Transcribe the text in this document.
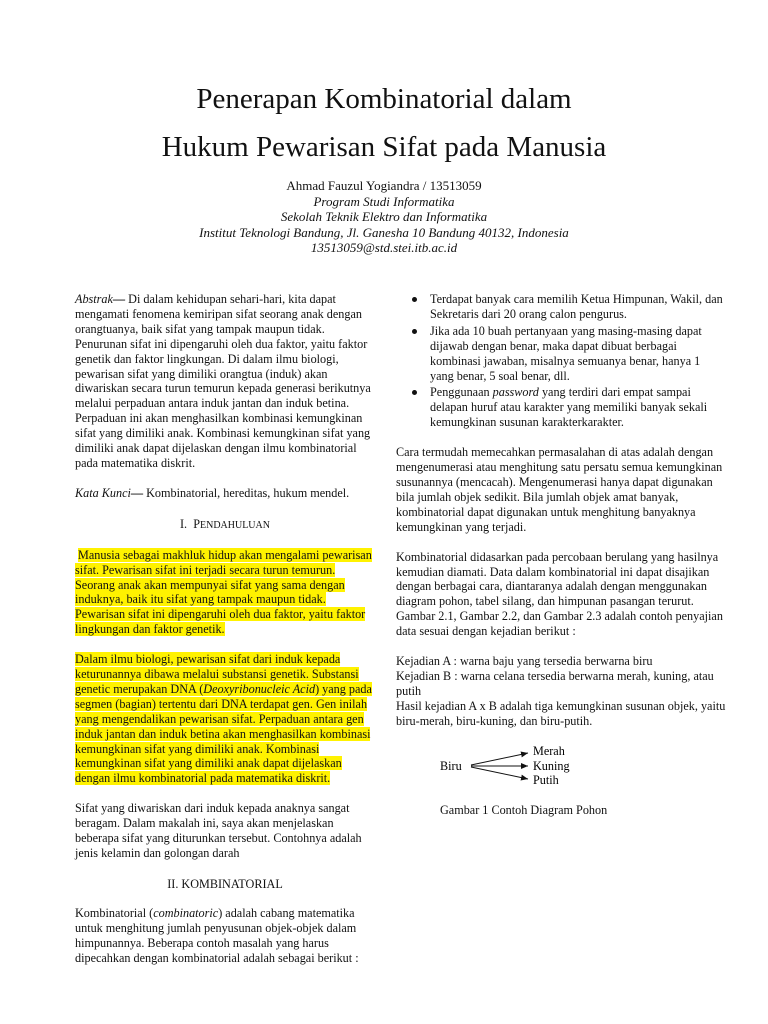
Penerapan Kombinatorial dalam
Hukum Pewarisan Sifat pada Manusia
Ahmad Fauzul Yogiandra / 13513059
Program Studi Informatika
Sekolah Teknik Elektro dan Informatika
Institut Teknologi Bandung, Jl. Ganesha 10 Bandung 40132, Indonesia
13513059@std.stei.itb.ac.id

Abstrak— Di dalam kehidupan sehari-hari, kita dapat mengamati fenomena kemiripan sifat seorang anak dengan orangtuanya, baik sifat yang tampak maupun tidak. Penurunan sifat ini dipengaruhi oleh dua faktor, yaitu faktor genetik dan faktor lingkungan. Di dalam ilmu biologi, pewarisan sifat yang dimiliki orangtua (induk) akan diwariskan secara turun temurun kepada generasi berikutnya melalui perpaduan antara induk jantan dan induk betina. Perpaduan ini akan menghasilkan kombinasi kemungkinan sifat yang dimiliki anak. Kombinasi kemungkinan sifat yang dimiliki anak dapat dijelaskan dengan ilmu kombinatorial pada matematika diskrit.

Kata Kunci— Kombinatorial, hereditas, hukum mendel.

I. PENDAHULUAN

Manusia sebagai makhluk hidup akan mengalami pewarisan sifat. Pewarisan sifat ini terjadi secara turun temurun. Seorang anak akan mempunyai sifat yang sama dengan induknya, baik itu sifat yang tampak maupun tidak. Pewarisan sifat ini dipengaruhi oleh dua faktor, yaitu faktor lingkungan dan faktor genetik.

Dalam ilmu biologi, pewarisan sifat dari induk kepada keturunannya dibawa melalui substansi genetik. Substansi genetic merupakan DNA (Deoxyribonucleic Acid) yang pada segmen (bagian) tertentu dari DNA terdapat gen. Gen inilah yang mengendalikan pewarisan sifat. Perpaduan antara gen induk jantan dan induk betina akan menghasilkan kombinasi kemungkinan sifat yang dimiliki anak. Kombinasi kemungkinan sifat yang dimiliki anak dapat dijelaskan dengan ilmu kombinatorial pada matematika diskrit.

Sifat yang diwariskan dari induk kepada anaknya sangat beragam. Dalam makalah ini, saya akan menjelaskan beberapa sifat yang diturunkan tersebut. Contohnya adalah jenis kelamin dan golongan darah

II. KOMBINATORIAL

Kombinatorial (combinatoric) adalah cabang matematika untuk menghitung jumlah penyusunan objek-objek dalam himpunannya. Beberapa contoh masalah yang harus dipecahkan dengan kombinatorial adalah sebagai berikut :

Terdapat banyak cara memilih Ketua Himpunan, Wakil, dan Sekretaris dari 20 orang calon pengurus.
Jika ada 10 buah pertanyaan yang masing-masing dapat dijawab dengan benar, maka dapat dibuat berbagai kombinasi jawaban, misalnya semuanya benar, hanya 1 yang benar, 5 soal benar, dll.
Penggunaan password yang terdiri dari empat sampai delapan huruf atau karakter yang memiliki banyak sekali kemungkinan susunan karakterkarakter.

Cara termudah memecahkan permasalahan di atas adalah dengan mengenumerasi atau menghitung satu persatu semua kemungkinan susunannya (mencacah). Mengenumerasi hanya dapat digunakan bila jumlah objek sedikit. Bila jumlah objek amat banyak, kombinatorial dapat digunakan untuk menghitung banyaknya kemungkinan yang terjadi.

Kombinatorial didasarkan pada percobaan berulang yang hasilnya kemudian diamati. Data dalam kombinatorial ini dapat disajikan dengan berbagai cara, diantaranya adalah dengan menggunakan diagram pohon, tabel silang, dan himpunan pasangan terurut. Gambar 2.1, Gambar 2.2, dan Gambar 2.3 adalah contoh penyajian data sesuai dengan kejadian berikut :

Kejadian A : warna baju yang tersedia berwarna biru

Kejadian B : warna celana tersedia berwarna merah, kuning, atau putih

Hasil kejadian A x B adalah tiga kemungkinan susunan objek, yaitu biru-merah, biru-kuning, dan biru-putih.

Biru
Merah
Kuning
Putih

Gambar 1 Contoh Diagram Pohon
